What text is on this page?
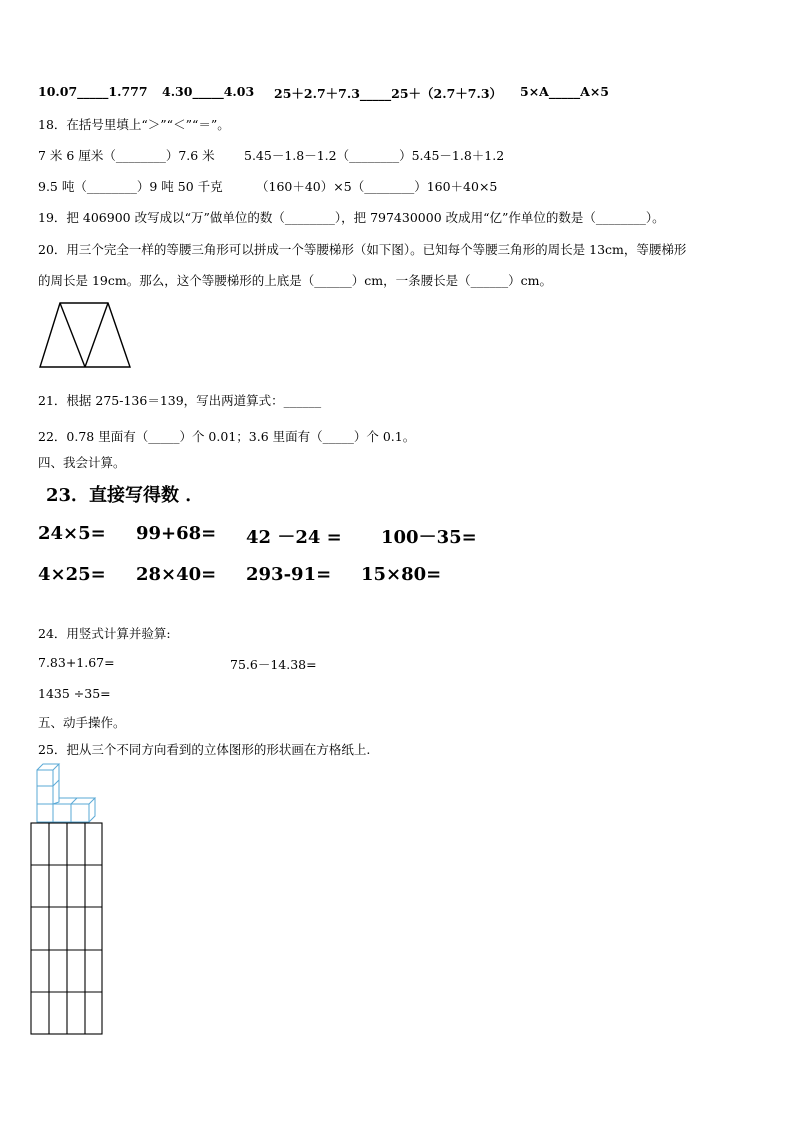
10.07_____1.777 4.30_____4.03 25＋2.7＋7.3_____25＋（2.7＋7.3） 5×A_____A×5
18．在括号里填上“＞”“＜”“＝”。
7 米 6 厘米（________）7.6 米 5.45－1.8－1.2（________）5.45－1.8＋1.2
9.5 吨（________）9 吨 50 千克	（160＋40）×5（________）160＋40×5
19．把 406900 改写成以“万”做单位的数（________），把 797430000 改成用“亿”作单位的数是（________）。
20．用三个完全一样的等腰三角形可以拼成一个等腰梯形（如下图）。已知每个等腰三角形的周长是 13cm，等腰梯形
的周长是 19cm。那么，这个等腰梯形的上底是（______）cm，一条腰长是（______）cm。
21．根据 275-136＝139，写出两道算式：______
22．0.78 里面有（_____）个 0.01；3.6 里面有（_____）个 0.1。
四、我会计算。
23．直接写得数 ．
24×5= 99+68= 42 －24 = 100－35=
4×25= 28×40= 293-91= 15×80=
24．用竖式计算并验算:
7.83+1.67=	75.6－14.38=
1435 ÷35=
五、动手操作。
25．把从三个不同方向看到的立体图形的形状画在方格纸上.
